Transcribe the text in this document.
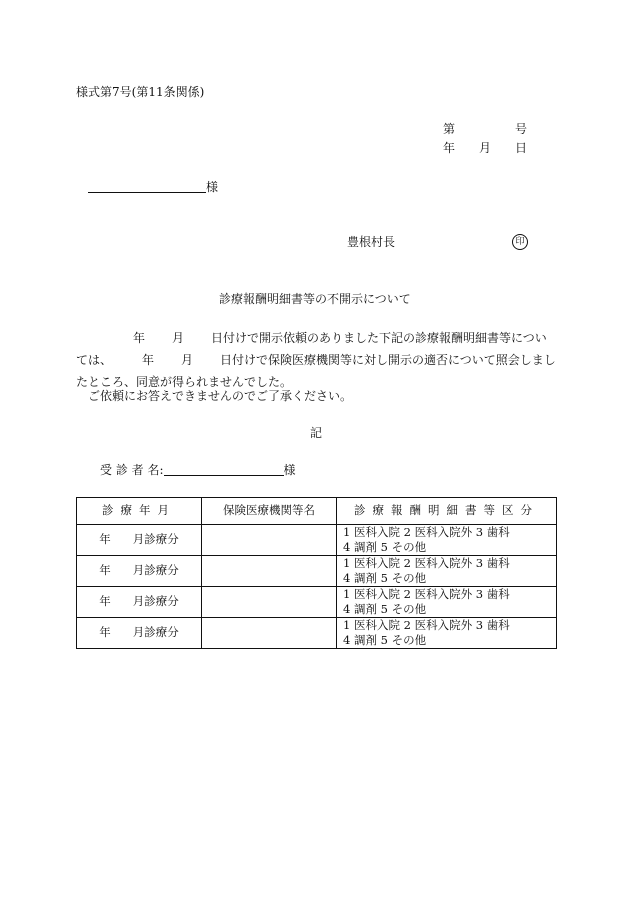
様式第7号(第11条関係)
第	号
年 月 日
様
豊根村長	印
診療報酬明細書等の不開示について
年 月 日付けで開示依頼のありました下記の診療報酬明細書等については、	年 月 日付けで保険医療機関等に対し開示の適否について照会しましたところ、同意が得られませんでした。
ご依頼にお答えできませんのでご了承ください。
記
受 診 者 名:	様
診療年月	保険医療機関等名	診療報酬明細書等区分
年 月診療分		1 医科入院 2 医科入院外 3 歯科
4 調剤 5 その他

年 月診療分		1 医科入院 2 医科入院外 3 歯科
4 調剤 5 その他

年 月診療分		1 医科入院 2 医科入院外 3 歯科
4 調剤 5 その他

年 月診療分		1 医科入院 2 医科入院外 3 歯科
4 調剤 5 その他
